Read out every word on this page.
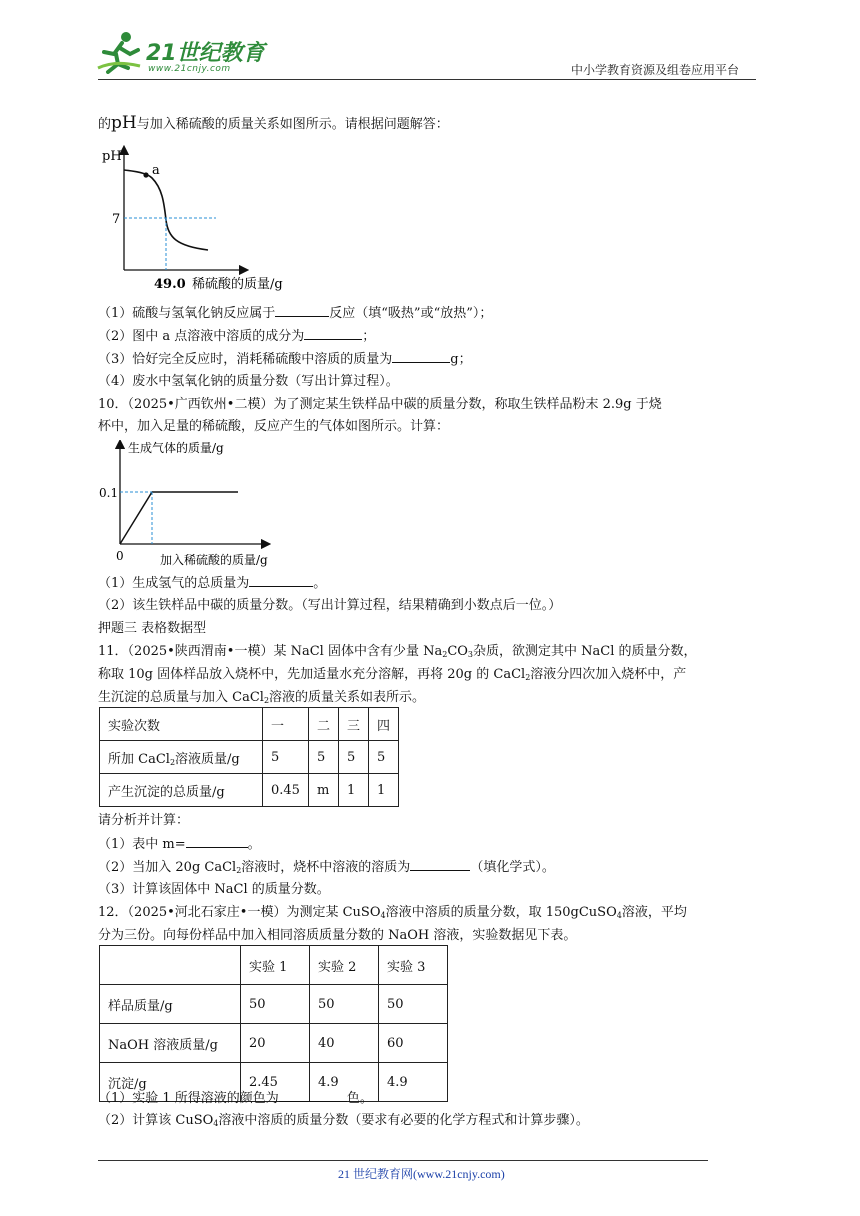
21世纪教育
www.21cnjy.com	中小学教育资源及组卷应用平台
的pH与加入稀硫酸的质量关系如图所示。请根据问题解答：
pH
a
7
49.0 稀硫酸的质量/g
（1）硫酸与氢氧化钠反应属于	反应（填“吸热”或“放热”）；
（2）图中 a 点溶液中溶质的成分为	；
（3）恰好完全反应时，消耗稀硫酸中溶质的质量为	g；
（4）废水中氢氧化钠的质量分数（写出计算过程）。
10．（2025•广西钦州•二模）为了测定某生铁样品中碳的质量分数，称取生铁样品粉末 2.9g 于烧
杯中，加入足量的稀硫酸，反应产生的气体如图所示。计算：
生成气体的质量/g
0.1
0	加入稀硫酸的质量/g
（1）生成氢气的总质量为	。
（2）该生铁样品中碳的质量分数。（写出计算过程，结果精确到小数点后一位。）
押题三 表格数据型
11．（2025•陕西渭南•一模）某 NaCl 固体中含有少量 $Na_2CO_3$杂质，欲测定其中 NaCl 的质量分数，
称取 10g 固体样品放入烧杯中，先加适量水充分溶解，再将 20g 的 CaCl$_2$溶液分四次加入烧杯中，产
生沉淀的总质量与加入 CaCl$_2$溶液的质量关系如表所示。
实验次数	一	二	三	四
所加 CaCl$_2$溶液质量/g	5	5	5	5
产生沉淀的总质量/g	0.45	m	1	1
请分析并计算：
（1）表中 m=	。
（2）当加入 20g CaCl$_2$溶液时，烧杯中溶液的溶质为	（填化学式）。
（3）计算该固体中 NaCl 的质量分数。
12．（2025•河北石家庄•一模）为测定某 CuSO$_4$溶液中溶质的质量分数，取 150gCuSO$_4$溶液，平均
分为三份。向每份样品中加入相同溶质质量分数的 NaOH 溶液，实验数据见下表。
	实验 1	实验 2	实验 3
样品质量/g	50	50	50
NaOH 溶液质量/g	20	40	60
沉淀/g	2.45	4.9	4.9
（1）实验 1 所得溶液的颜色为	色。
（2）计算该 CuSO$_4$溶液中溶质的质量分数（要求有必要的化学方程式和计算步骤）。
21 世纪教育网(www.21cnjy.com)
